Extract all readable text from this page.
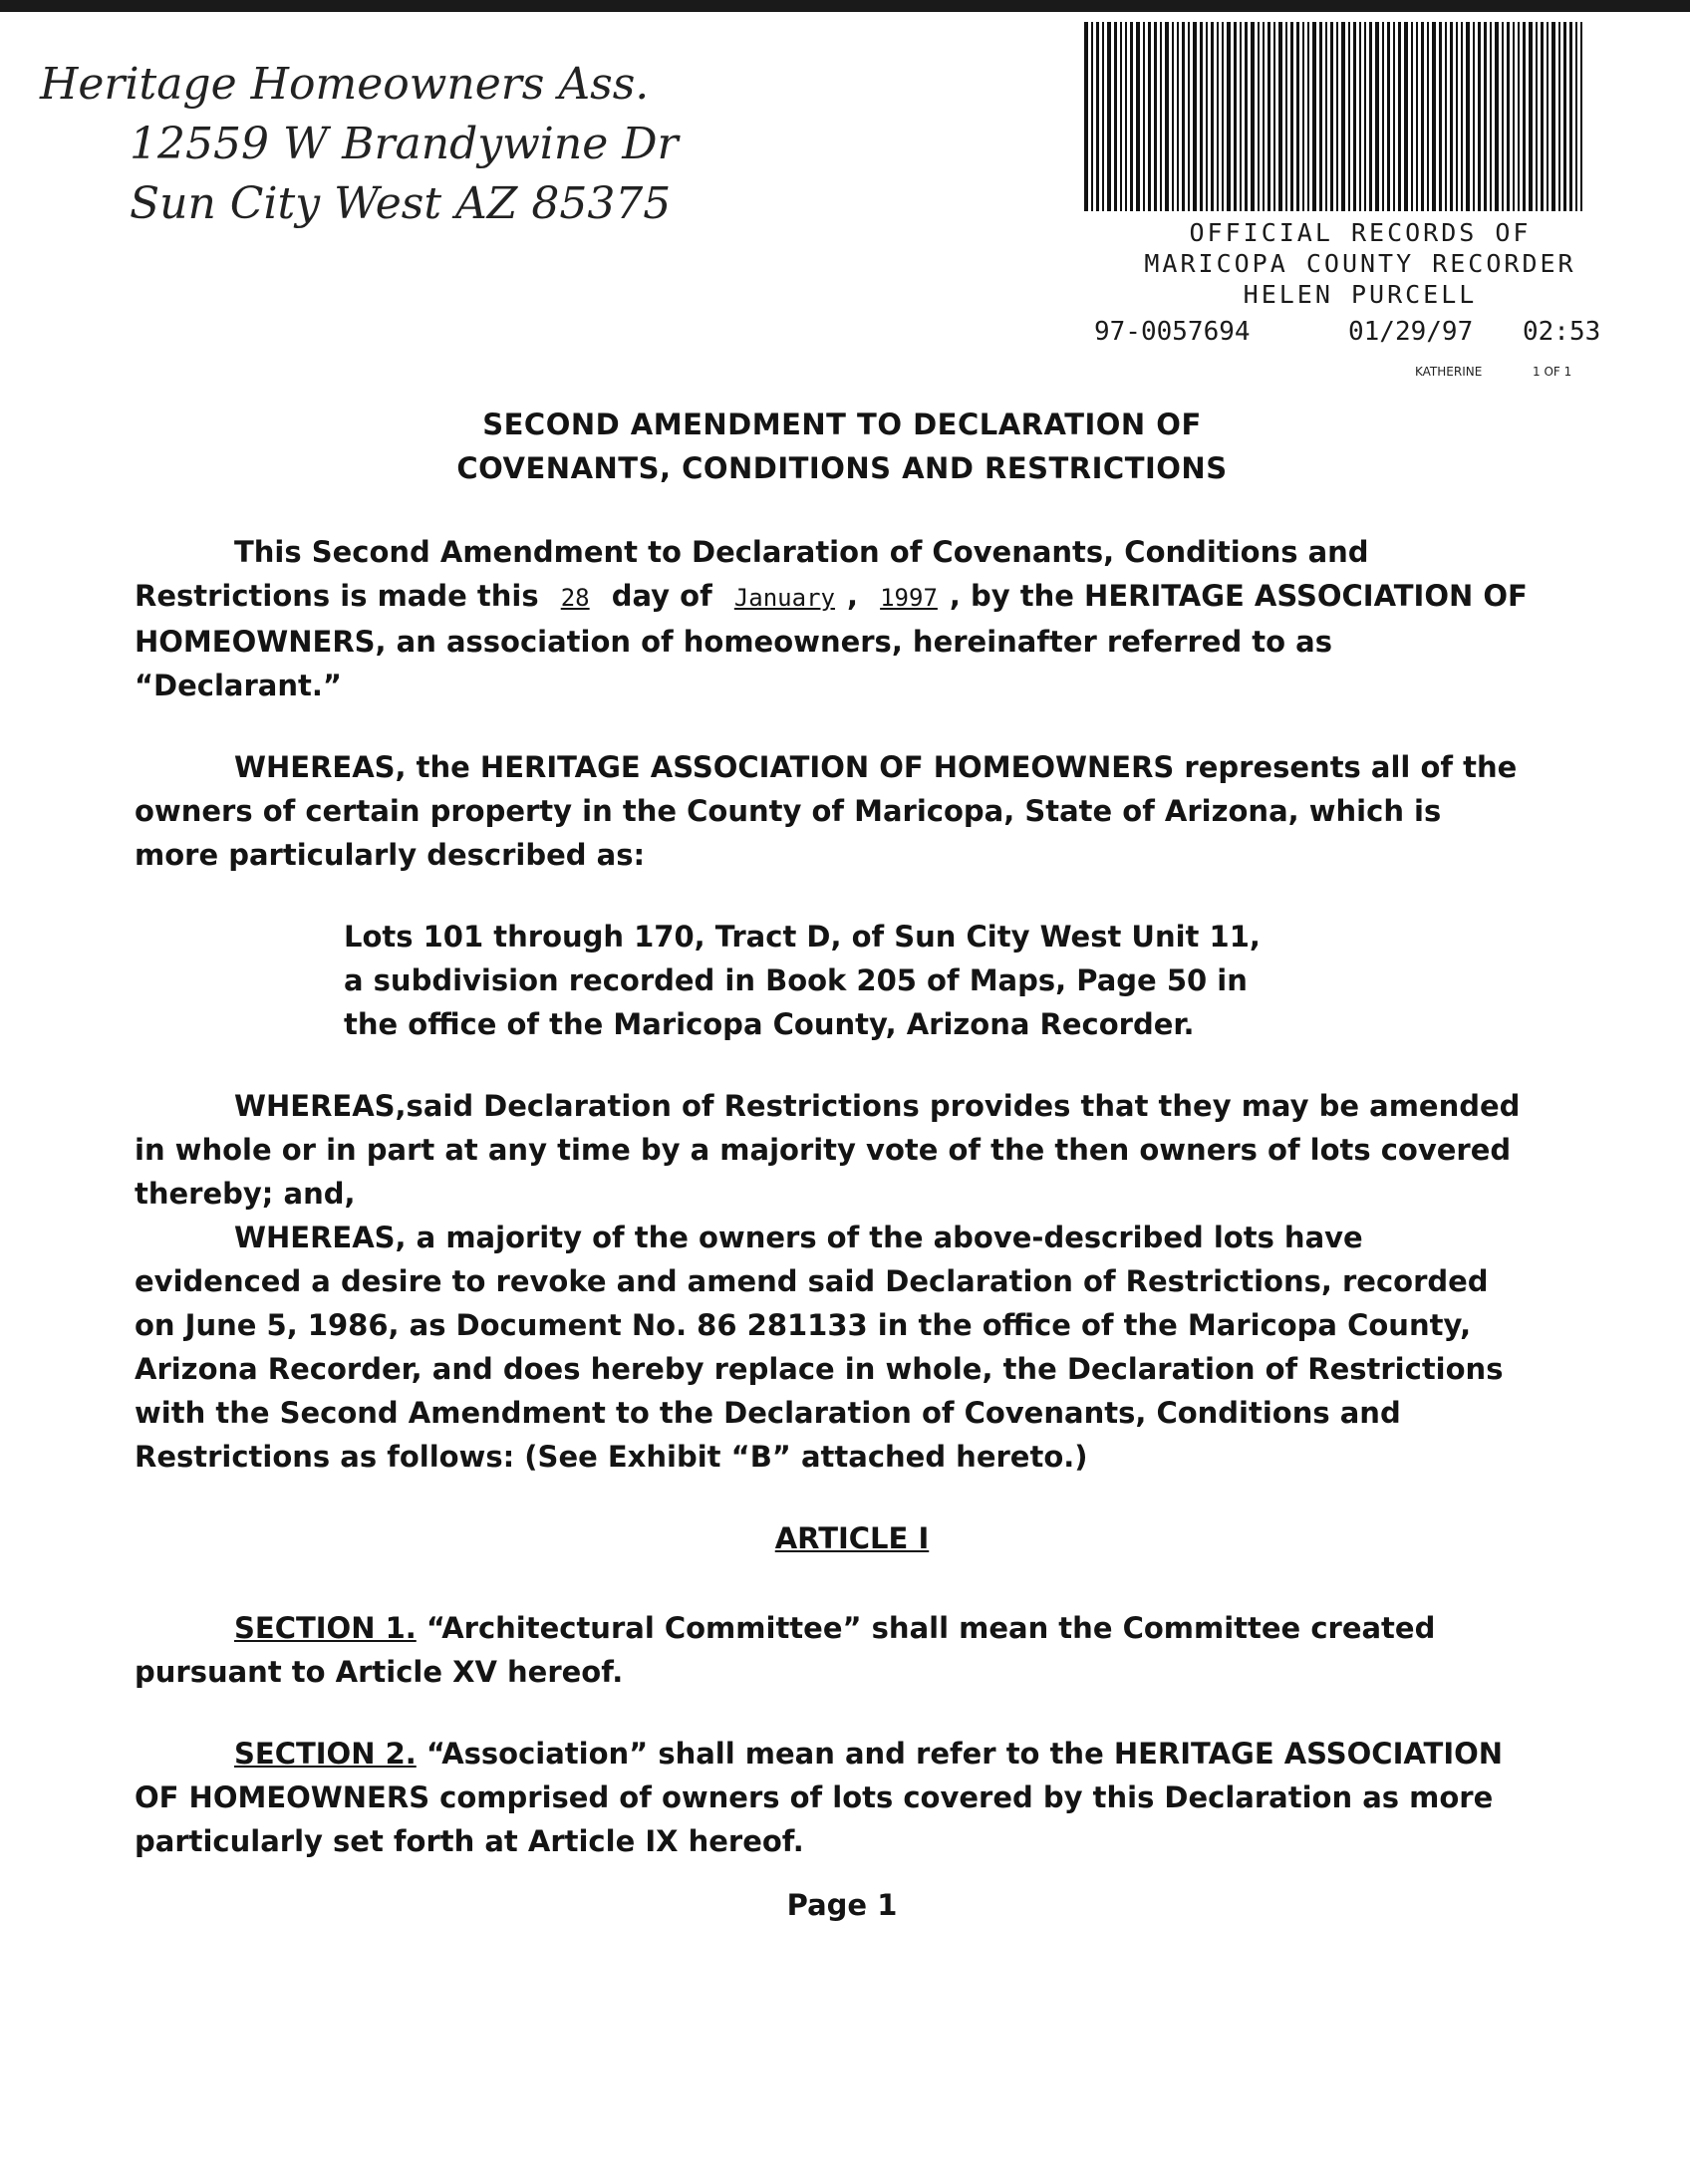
Heritage Homeowners Ass.
12559 W Brandywine Dr
Sun City West AZ 85375
OFFICIAL RECORDS OF
MARICOPA COUNTY RECORDER
HELEN PURCELL
97-0057694	01/29/97 02:53
KATHERINE	1 OF 1
SECOND AMENDMENT TO DECLARATION OF
COVENANTS, CONDITIONS AND RESTRICTIONS

This Second Amendment to Declaration of Covenants, Conditions and Restrictions is made this 28 day of January , 1997 , by the HERITAGE ASSOCIATION OF HOMEOWNERS, an association of homeowners, hereinafter referred to as “Declarant.”

WHEREAS, the HERITAGE ASSOCIATION OF HOMEOWNERS represents all of the owners of certain property in the County of Maricopa, State of Arizona, which is more particularly described as:

Lots 101 through 170, Tract D, of Sun City West Unit 11,
a subdivision recorded in Book 205 of Maps, Page 50 in
the office of the Maricopa County, Arizona Recorder.

WHEREAS,said Declaration of Restrictions provides that they may be amended in whole or in part at any time by a majority vote of the then owners of lots covered thereby; and,

WHEREAS, a majority of the owners of the above-described lots have evidenced a desire to revoke and amend said Declaration of Restrictions, recorded on June 5, 1986, as Document No. 86 281133 in the office of the Maricopa County, Arizona Recorder, and does hereby replace in whole, the Declaration of Restrictions with the Second Amendment to the Declaration of Covenants, Conditions and Restrictions as follows: (See Exhibit “B” attached hereto.)

ARTICLE I

SECTION 1. “Architectural Committee” shall mean the Committee created pursuant to Article XV hereof.

SECTION 2. “Association” shall mean and refer to the HERITAGE ASSOCIATION OF HOMEOWNERS comprised of owners of lots covered by this Declaration as more particularly set forth at Article IX hereof.

Page 1
